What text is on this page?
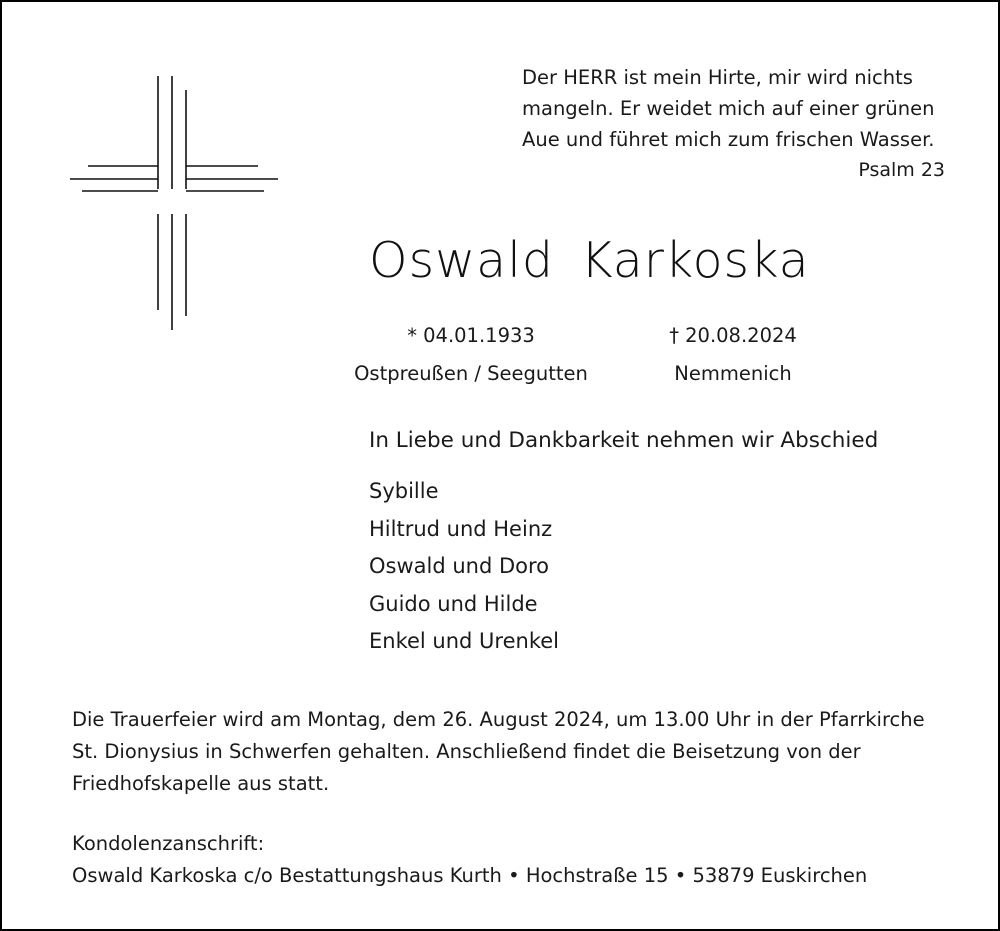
Der HERR ist mein Hirte, mir wird nichts
mangeln. Er weidet mich auf einer grünen
Aue und führet mich zum frischen Wasser.
Psalm 23
Oswald Karkoska
* 04.01.1933
Ostpreußen / Seegutten
† 20.08.2024
Nemmenich
In Liebe und Dankbarkeit nehmen wir Abschied
Sybille
Hiltrud und Heinz
Oswald und Doro
Guido und Hilde
Enkel und Urenkel
Die Trauerfeier wird am Montag, dem 26. August 2024, um 13.00 Uhr in der Pfarrkirche
St. Dionysius in Schwerfen gehalten. Anschließend findet die Beisetzung von der
Friedhofskapelle aus statt.
Kondolenzanschrift:
Oswald Karkoska c/o Bestattungshaus Kurth • Hochstraße 15 • 53879 Euskirchen
